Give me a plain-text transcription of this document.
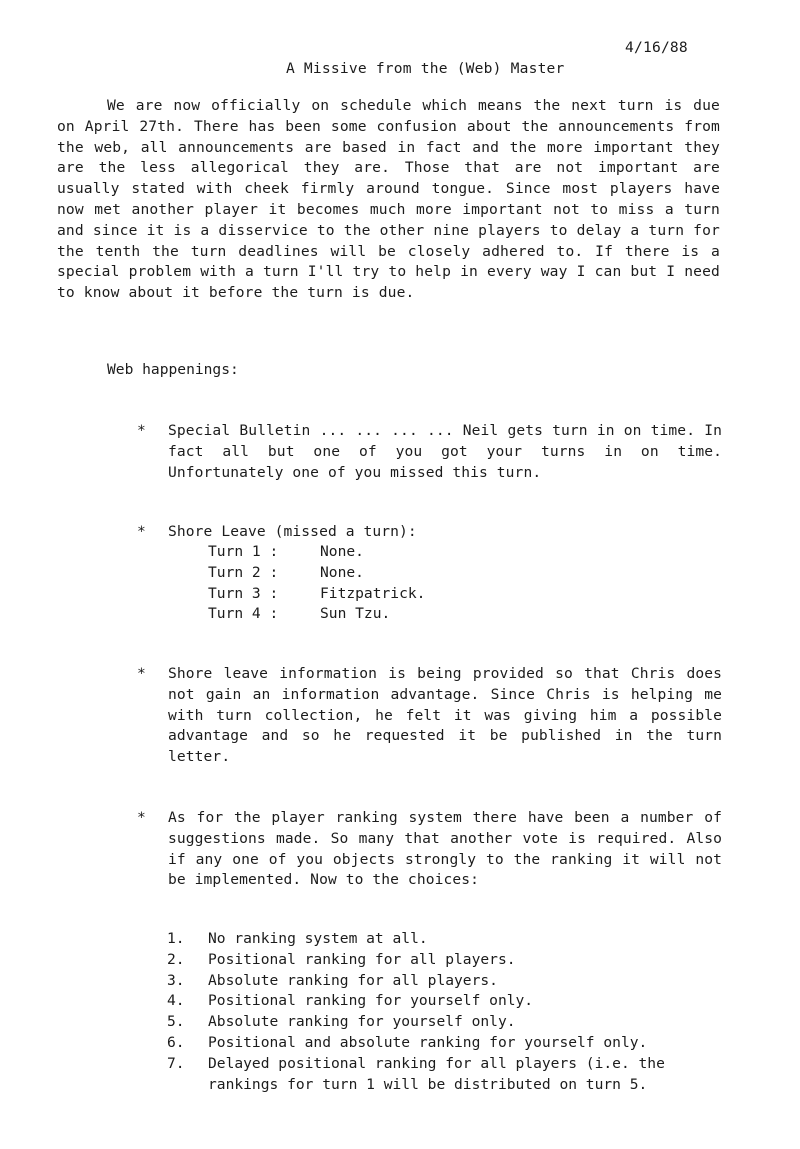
A Missive from the (Web) Master

4/16/88

We are now officially on schedule which means the next turn is due on April 27th. There has been some confusion about the announcements from the web, all announcements are based in fact and the more important they are the less allegorical they are. Those that are not important are usually stated with cheek firmly around tongue. Since most players have now met another player it becomes much more important not to miss a turn and since it is a disservice to the other nine players to delay a turn for the tenth the turn deadlines will be closely adhered to. If there is a special problem with a turn I'll try to help in every way I can but I need to know about it before the turn is due.
Web happenings:
* Special Bulletin ... ... ... ... Neil gets turn in on time. In fact all but one of you got your turns in on time. Unfortunately one of you missed this turn.
* Shore Leave (missed a turn):
Turn 1 :	None.
Turn 2 :	None.
Turn 3 :	Fitzpatrick.
Turn 4 :	Sun Tzu.
* Shore leave information is being provided so that Chris does not gain an information advantage. Since Chris is helping me with turn collection, he felt it was giving him a possible advantage and so he requested it be published in the turn letter.
* As for the player ranking system there have been a number of suggestions made. So many that another vote is required. Also if any one of you objects strongly to the ranking it will not be implemented. Now to the choices:
1.	No ranking system at all.
2.	Positional ranking for all players.
3.	Absolute ranking for all players.
4.	Positional ranking for yourself only.
5.	Absolute ranking for yourself only.
6.	Positional and absolute ranking for yourself only.
7.	Delayed positional ranking for all players (i.e. the rankings for turn 1 will be distributed on turn 5.
